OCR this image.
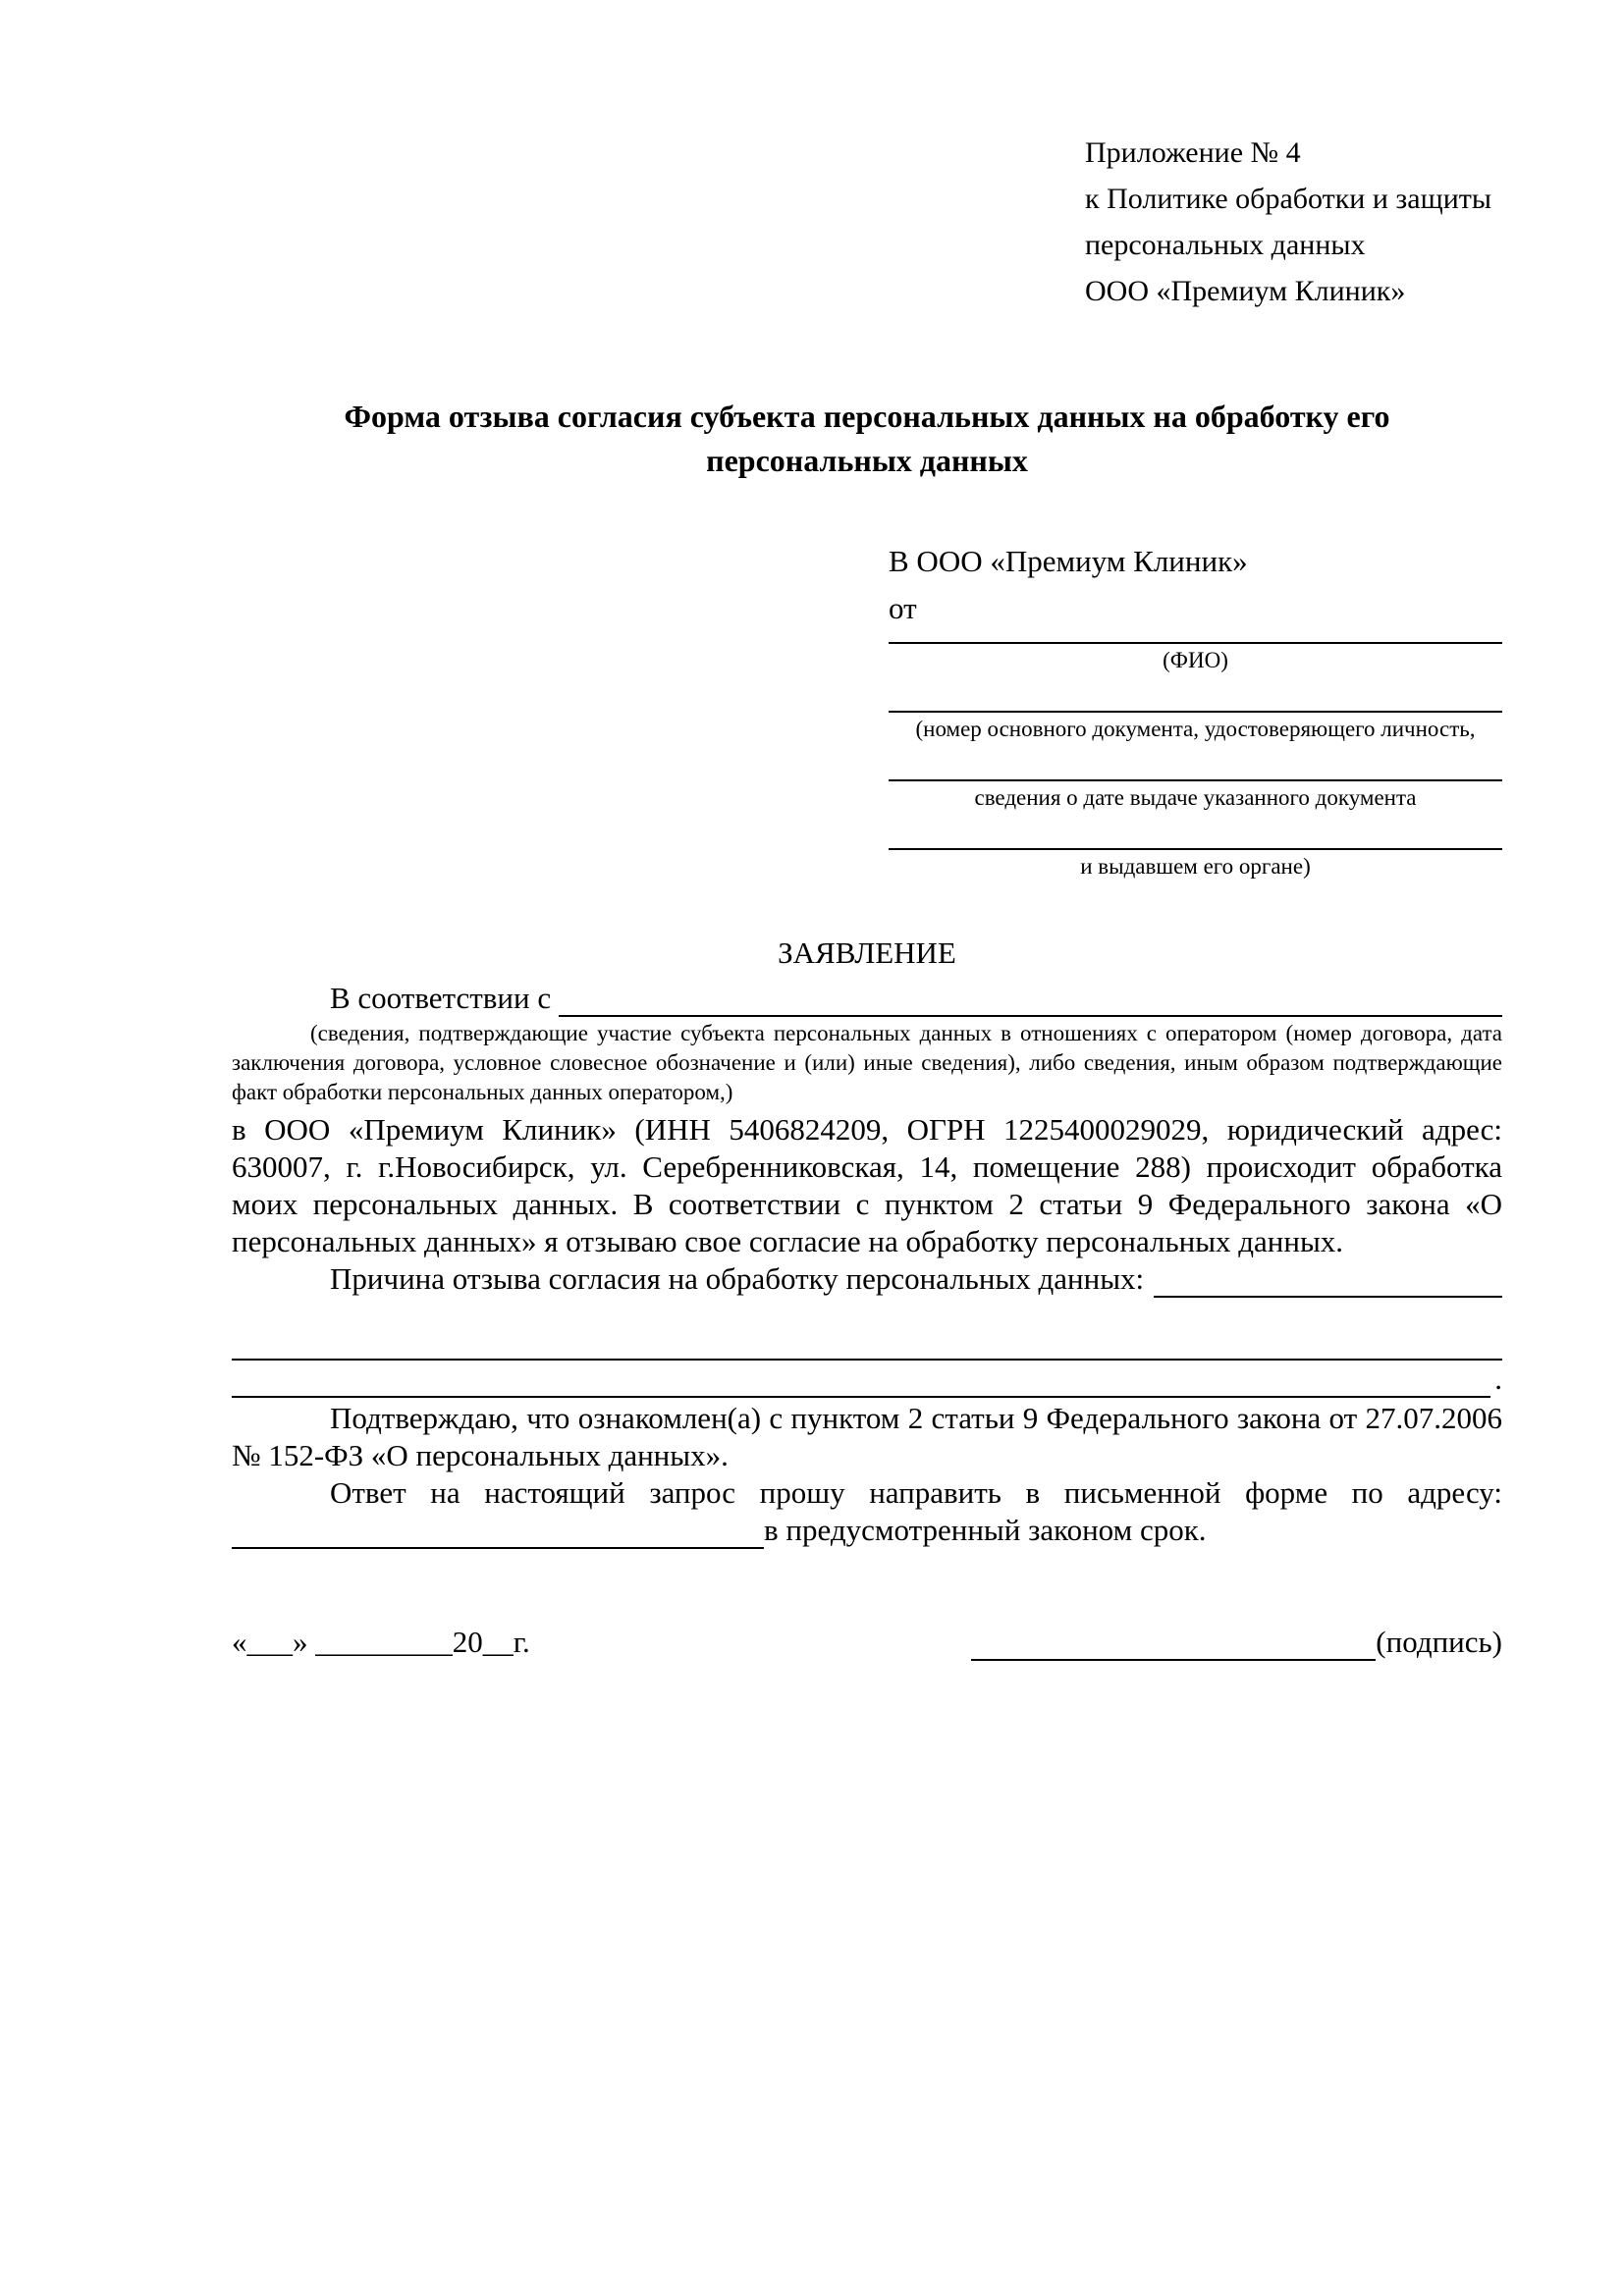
Приложение № 4
к Политике обработки и защиты
персональных данных
ООО «Премиум Клиник»
Форма отзыва согласия субъекта персональных данных на обработку его персональных данных
В ООО «Премиум Клиник»
от
(ФИО)
(номер основного документа, удостоверяющего личность,
сведения о дате выдаче указанного документа
и выдавшем его органе)
ЗАЯВЛЕНИЕ
В соответствии с

(сведения, подтверждающие участие субъекта персональных данных в отношениях с оператором (номер договора, дата заключения договора, условное словесное обозначение и (или) иные сведения), либо сведения, иным образом подтверждающие факт обработки персональных данных оператором,)
в ООО «Премиум Клиник» (ИНН 5406824209, ОГРН 1225400029029, юридический адрес: 630007, г. г.Новосибирск, ул. Серебренниковская, 14, помещение 288) происходит обработка моих персональных данных. В соответствии с пунктом 2 статьи 9 Федерального закона «О персональных данных» я отзываю свое согласие на обработку персональных данных.
Причина отзыва согласия на обработку персональных данных:
.
Подтверждаю, что ознакомлен(а) с пунктом 2 статьи 9 Федерального закона от 27.07.2006 № 152-ФЗ «О персональных данных».
Ответ на настоящий запрос прошу направить в письменной форме по адресу:
в предусмотренный законом срок.
«___» _________20__г.	(подпись)
